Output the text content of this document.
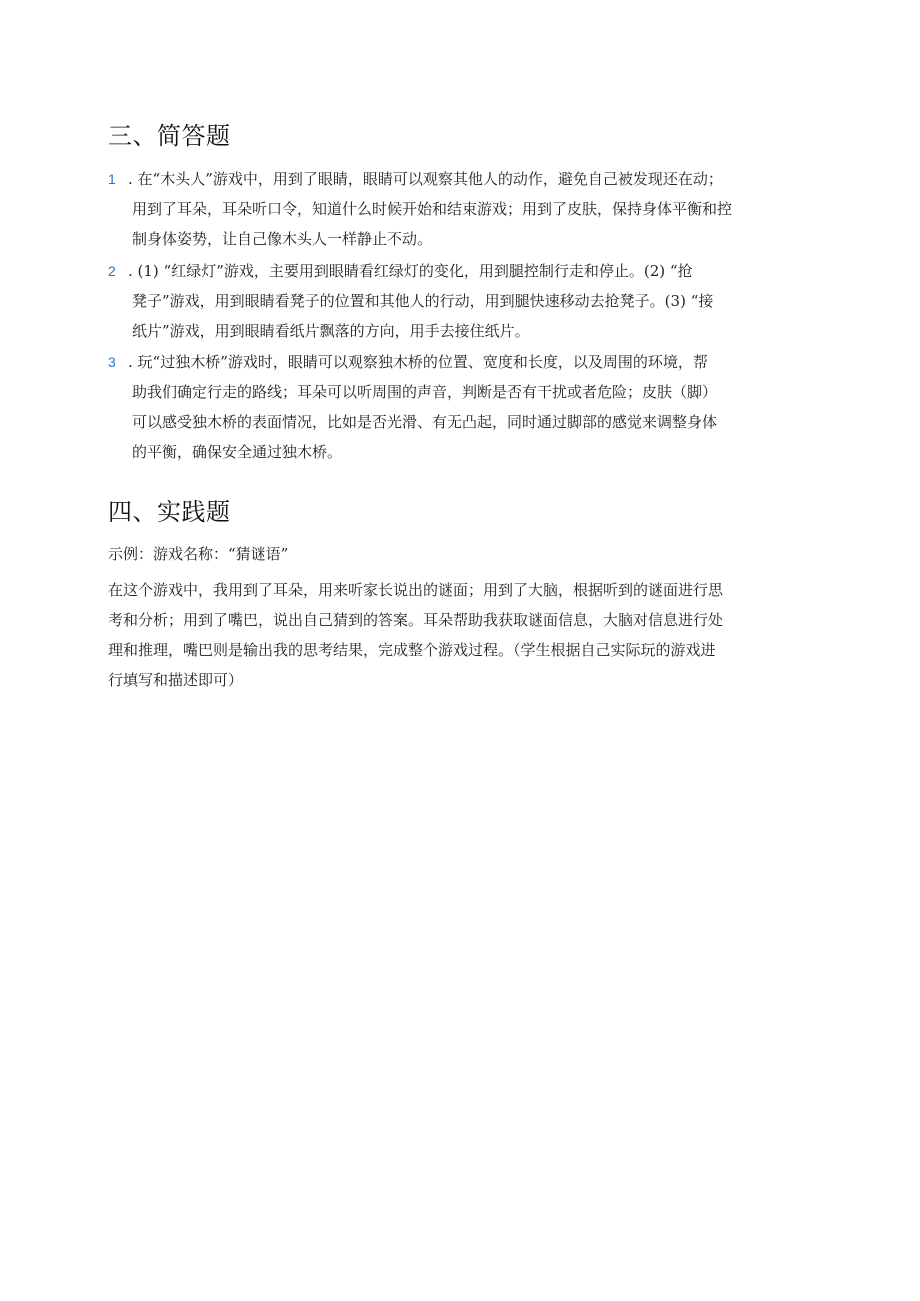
三、简答题
1 . 在“木头人”游戏中，用到了眼睛，眼睛可以观察其他人的动作，避免自己被发现还在动；
用到了耳朵，耳朵听口令，知道什么时候开始和结束游戏；用到了皮肤，保持身体平衡和控
制身体姿势，让自己像木头人一样静止不动。
2 . (1) “红绿灯”游戏，主要用到眼睛看红绿灯的变化，用到腿控制行走和停止。(2) “抢
凳子”游戏，用到眼睛看凳子的位置和其他人的行动，用到腿快速移动去抢凳子。(3) “接
纸片”游戏，用到眼睛看纸片飘落的方向，用手去接住纸片。
3 . 玩“过独木桥”游戏时，眼睛可以观察独木桥的位置、宽度和长度，以及周围的环境，帮
助我们确定行走的路线；耳朵可以听周围的声音，判断是否有干扰或者危险；皮肤（脚）
可以感受独木桥的表面情况，比如是否光滑、有无凸起，同时通过脚部的感觉来调整身体
的平衡，确保安全通过独木桥。
四、实践题
示例：游戏名称：“猜谜语”
在这个游戏中，我用到了耳朵，用来听家长说出的谜面；用到了大脑，根据听到的谜面进行思
考和分析；用到了嘴巴，说出自己猜到的答案。耳朵帮助我获取谜面信息，大脑对信息进行处
理和推理，嘴巴则是输出我的思考结果，完成整个游戏过程。（学生根据自己实际玩的游戏进
行填写和描述即可）
